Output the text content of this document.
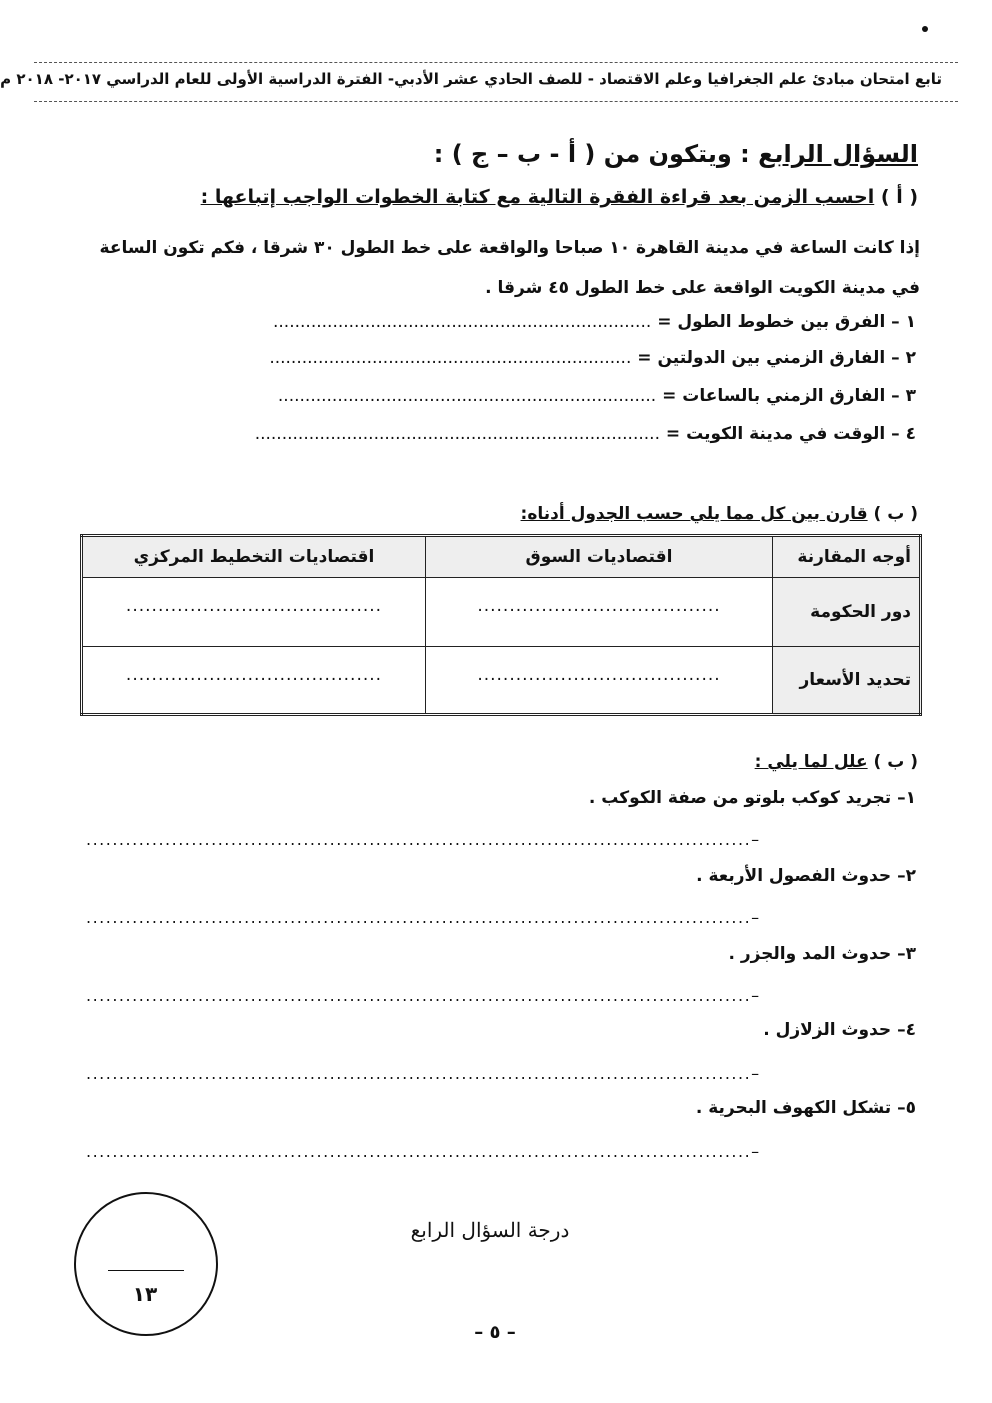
تابع امتحان مبادئ علم الجغرافيا وعلم الاقتصاد - للصف الحادي عشر الأدبي- الفترة الدراسية الأولى للعام الدراسي ٢٠١٧- ٢٠١٨ م
السؤال الرابع : ويتكون من ( أ - ب – ج ) :
( أ ) احسب الزمن بعد قراءة الفقرة التالية مع كتابة الخطوات الواجب إتباعها :
إذا كانت الساعة في مدينة القاهرة ١٠ صباحا والواقعة على خط الطول ٣٠ شرقا ، فكم تكون الساعة في مدينة الكويت الواقعة على خط الطول ٤٥ شرقا .
١ – الفرق بين خطوط الطول = ......................................................................
٢ – الفارق الزمني بين الدولتين = ...................................................................
٣ – الفارق الزمني بالساعات = ......................................................................
٤ – الوقت في مدينة الكويت = ...........................................................................
( ب ) قارن بين كل مما يلي حسب الجدول أدناه:
أوجه المقارنة	اقتصاديات السوق	اقتصاديات التخطيط المركزي
دور الحكومة	......................................	........................................
تحديد الأسعار	......................................	........................................
( ب ) علل لما يلي :
١– تجريد كوكب بلوتو من صفة الكوكب .
.....................................................................................................–
٢– حدوث الفصول الأربعة .
.....................................................................................................–
٣– حدوث المد والجزر .
.....................................................................................................–
٤– حدوث الزلازل .
.....................................................................................................–
٥– تشكل الكهوف البحرية .
.....................................................................................................–
درجة السؤال الرابع
١٣
– ٥ –
